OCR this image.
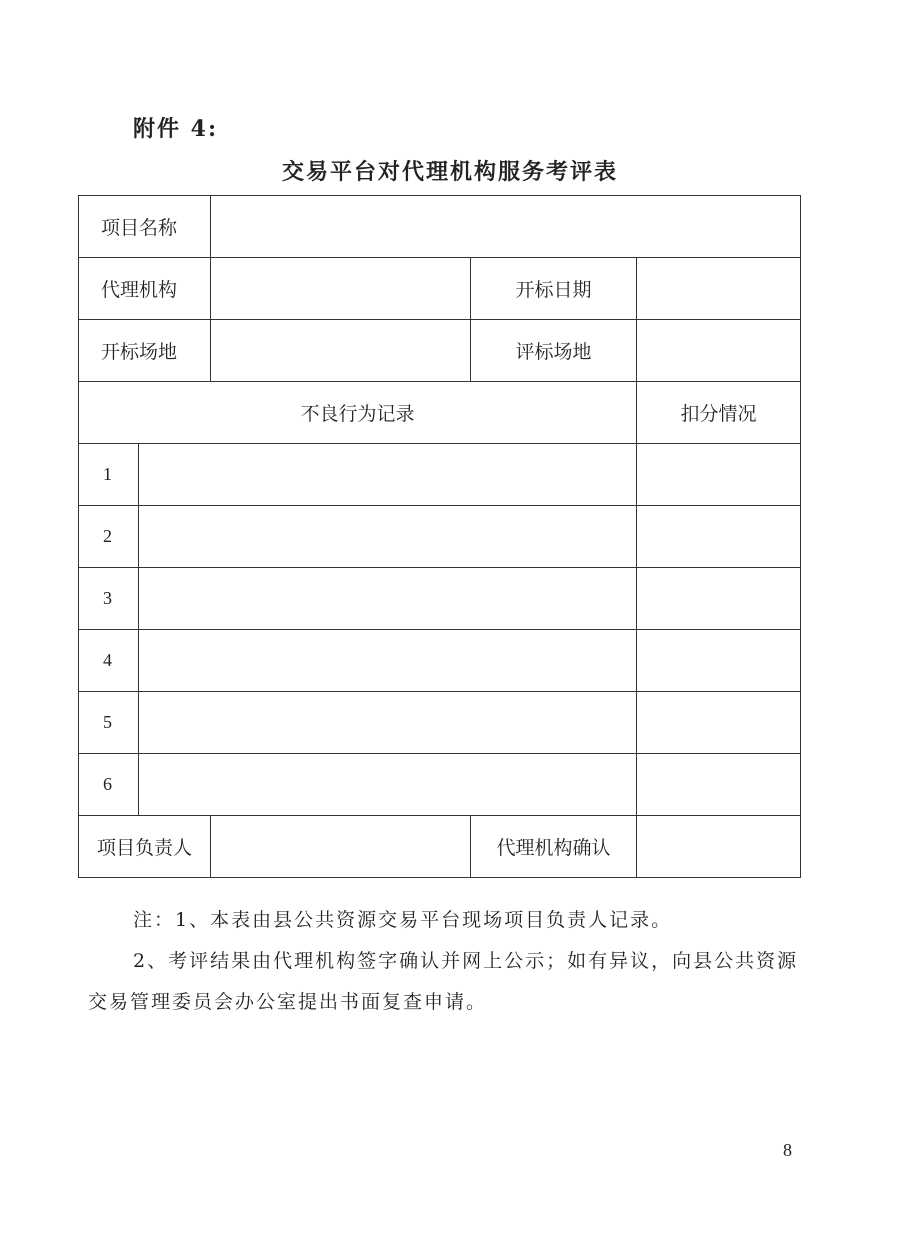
附件 4:
交易平台对代理机构服务考评表
项目名称				
代理机构			开标日期	
开标场地			评标场地	
不良行为记录				扣分情况
1				
2				
3				
4				
5				
6				
项目负责人			代理机构确认	

注：1、本表由县公共资源交易平台现场项目负责人记录。

2、考评结果由代理机构签字确认并网上公示；如有异议，向县公共资源交易管理委员会办公室提出书面复查申请。

8
